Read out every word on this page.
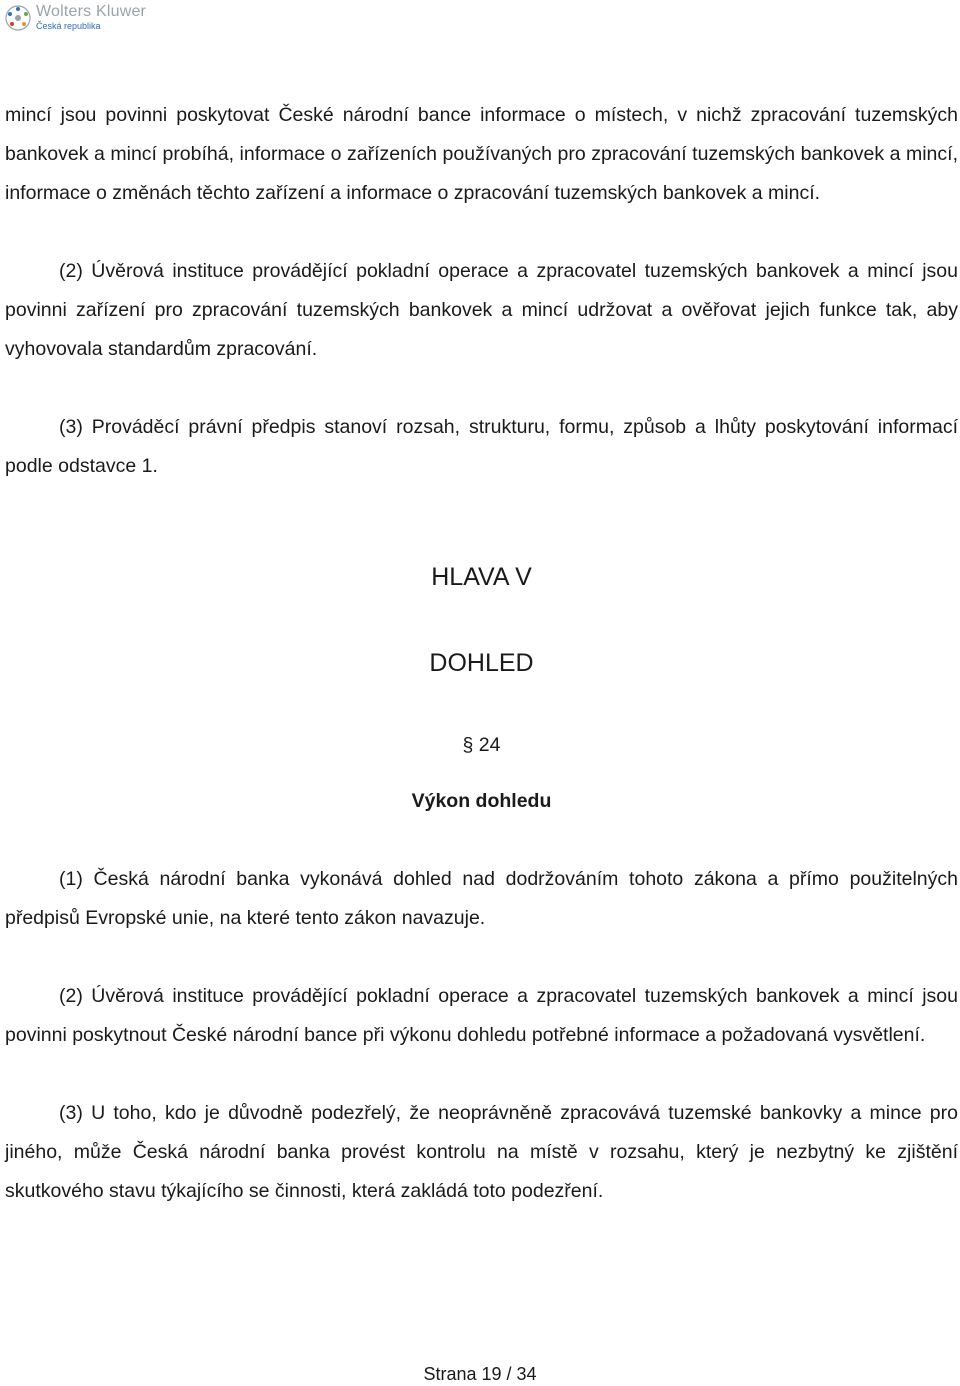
Wolters Kluwer
Česká republika

mincí jsou povinni poskytovat České národní bance informace o místech, v nichž zpracování tuzemských bankovek a mincí probíhá, informace o zařízeních používaných pro zpracování tuzemských bankovek a mincí, informace o změnách těchto zařízení a informace o zpracování tuzemských bankovek a mincí.

(2) Úvěrová instituce provádějící pokladní operace a zpracovatel tuzemských bankovek a mincí jsou povinni zařízení pro zpracování tuzemských bankovek a mincí udržovat a ověřovat jejich funkce tak, aby vyhovovala standardům zpracování.

(3) Prováděcí právní předpis stanoví rozsah, strukturu, formu, způsob a lhůty poskytování informací podle odstavce 1.

HLAVA V
DOHLED
§ 24
Výkon dohledu

(1) Česká národní banka vykonává dohled nad dodržováním tohoto zákona a přímo použitelných předpisů Evropské unie, na které tento zákon navazuje.

(2) Úvěrová instituce provádějící pokladní operace a zpracovatel tuzemských bankovek a mincí jsou povinni poskytnout České národní bance při výkonu dohledu potřebné informace a požadovaná vysvětlení.

(3) U toho, kdo je důvodně podezřelý, že neoprávněně zpracovává tuzemské bankovky a mince pro jiného, může Česká národní banka provést kontrolu na místě v rozsahu, který je nezbytný ke zjištění skutkového stavu týkajícího se činnosti, která zakládá toto podezření.

Strana 19 / 34
